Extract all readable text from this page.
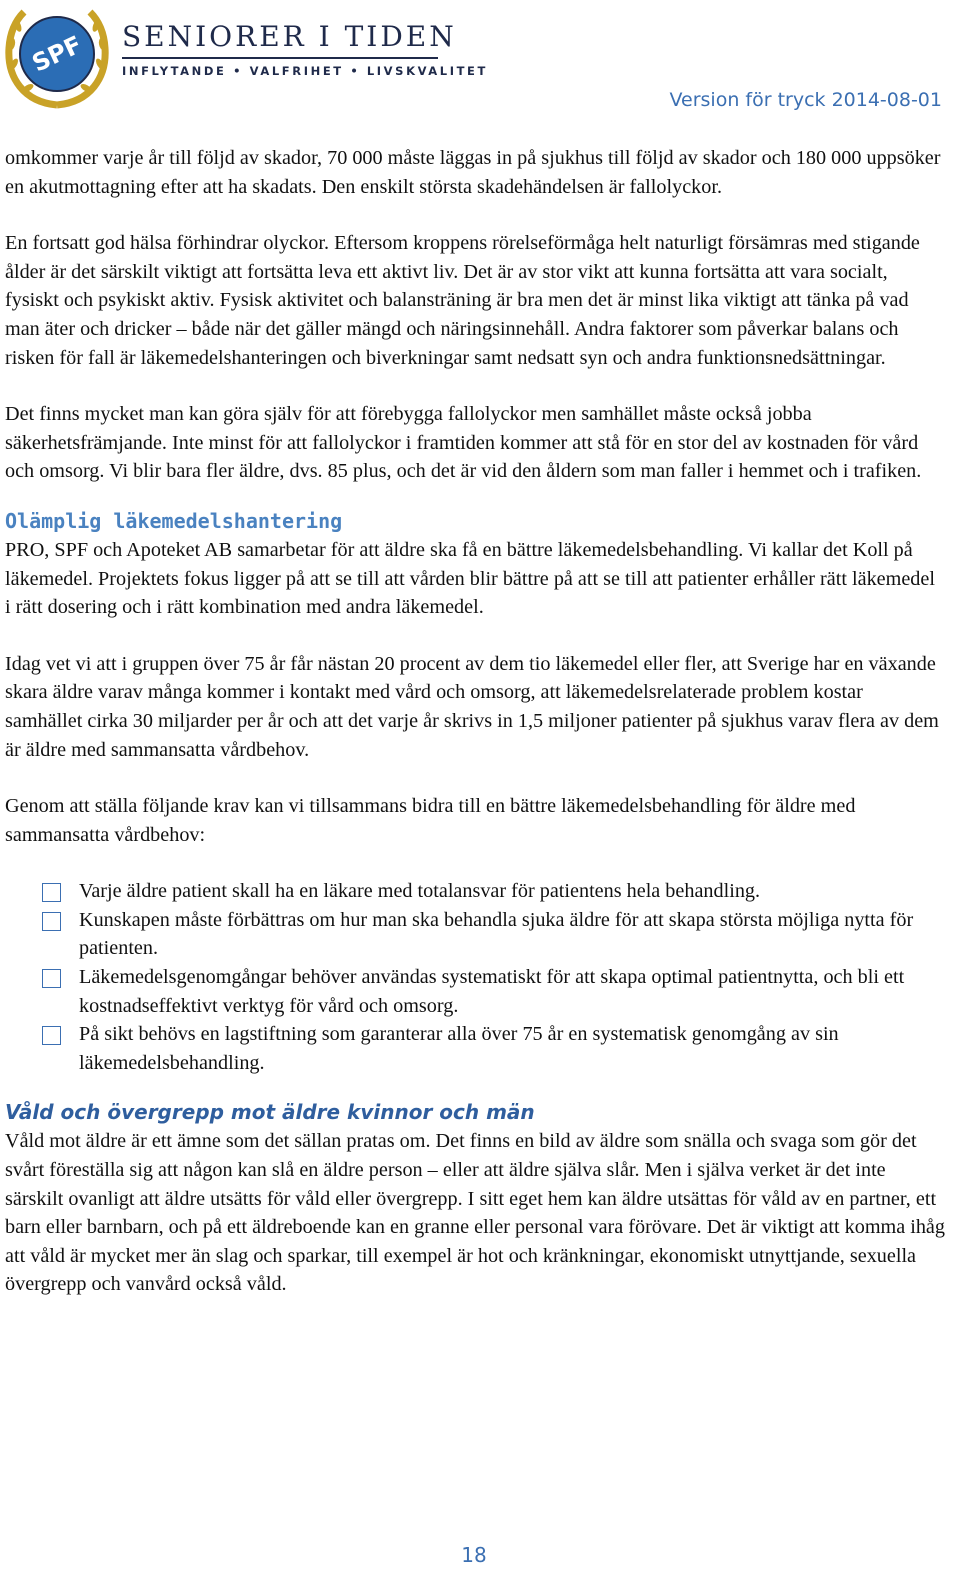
SPF SENIORER I TIDEN
INFLYTANDE • VALFRIHET • LIVSKVALITET
Version för tryck 2014-08-01

omkommer varje år till följd av skador, 70 000 måste läggas in på sjukhus till följd av skador och 180 000 uppsöker en akutmottagning efter att ha skadats. Den enskilt största skadehändelsen är fallolyckor.

En fortsatt god hälsa förhindrar olyckor. Eftersom kroppens rörelseförmåga helt naturligt försämras med stigande ålder är det särskilt viktigt att fortsätta leva ett aktivt liv. Det är av stor vikt att kunna fortsätta att vara socialt, fysiskt och psykiskt aktiv. Fysisk aktivitet och balansträning är bra men det är minst lika viktigt att tänka på vad man äter och dricker – både när det gäller mängd och näringsinnehåll. Andra faktorer som påverkar balans och risken för fall är läkemedelshanteringen och biverkningar samt nedsatt syn och andra funktionsnedsättningar.

Det finns mycket man kan göra själv för att förebygga fallolyckor men samhället måste också jobba säkerhetsfrämjande. Inte minst för att fallolyckor i framtiden kommer att stå för en stor del av kostnaden för vård och omsorg. Vi blir bara fler äldre, dvs. 85 plus, och det är vid den åldern som man faller i hemmet och i trafiken.

Olämplig läkemedelshantering

PRO, SPF och Apoteket AB samarbetar för att äldre ska få en bättre läkemedelsbehandling. Vi kallar det Koll på läkemedel. Projektets fokus ligger på att se till att vården blir bättre på att se till att patienter erhåller rätt läkemedel i rätt dosering och i rätt kombination med andra läkemedel.

Idag vet vi att i gruppen över 75 år får nästan 20 procent av dem tio läkemedel eller fler, att Sverige har en växande skara äldre varav många kommer i kontakt med vård och omsorg, att läkemedelsrelaterade problem kostar samhället cirka 30 miljarder per år och att det varje år skrivs in 1,5 miljoner patienter på sjukhus varav flera av dem är äldre med sammansatta vårdbehov.

Genom att ställa följande krav kan vi tillsammans bidra till en bättre läkemedelsbehandling för äldre med sammansatta vårdbehov:

Varje äldre patient skall ha en läkare med totalansvar för patientens hela behandling.
Kunskapen måste förbättras om hur man ska behandla sjuka äldre för att skapa största möjliga nytta för patienten.
Läkemedelsgenomgångar behöver användas systematiskt för att skapa optimal patientnytta, och bli ett kostnadseffektivt verktyg för vård och omsorg.
På sikt behövs en lagstiftning som garanterar alla över 75 år en systematisk genomgång av sin läkemedelsbehandling.
Våld och övergrepp mot äldre kvinnor och män

Våld mot äldre är ett ämne som det sällan pratas om. Det finns en bild av äldre som snälla och svaga som gör det svårt föreställa sig att någon kan slå en äldre person – eller att äldre själva slår. Men i själva verket är det inte särskilt ovanligt att äldre utsätts för våld eller övergrepp. I sitt eget hem kan äldre utsättas för våld av en partner, ett barn eller barnbarn, och på ett äldreboende kan en granne eller personal vara förövare. Det är viktigt att komma ihåg att våld är mycket mer än slag och sparkar, till exempel är hot och kränkningar, ekonomiskt utnyttjande, sexuella övergrepp och vanvård också våld.

18
